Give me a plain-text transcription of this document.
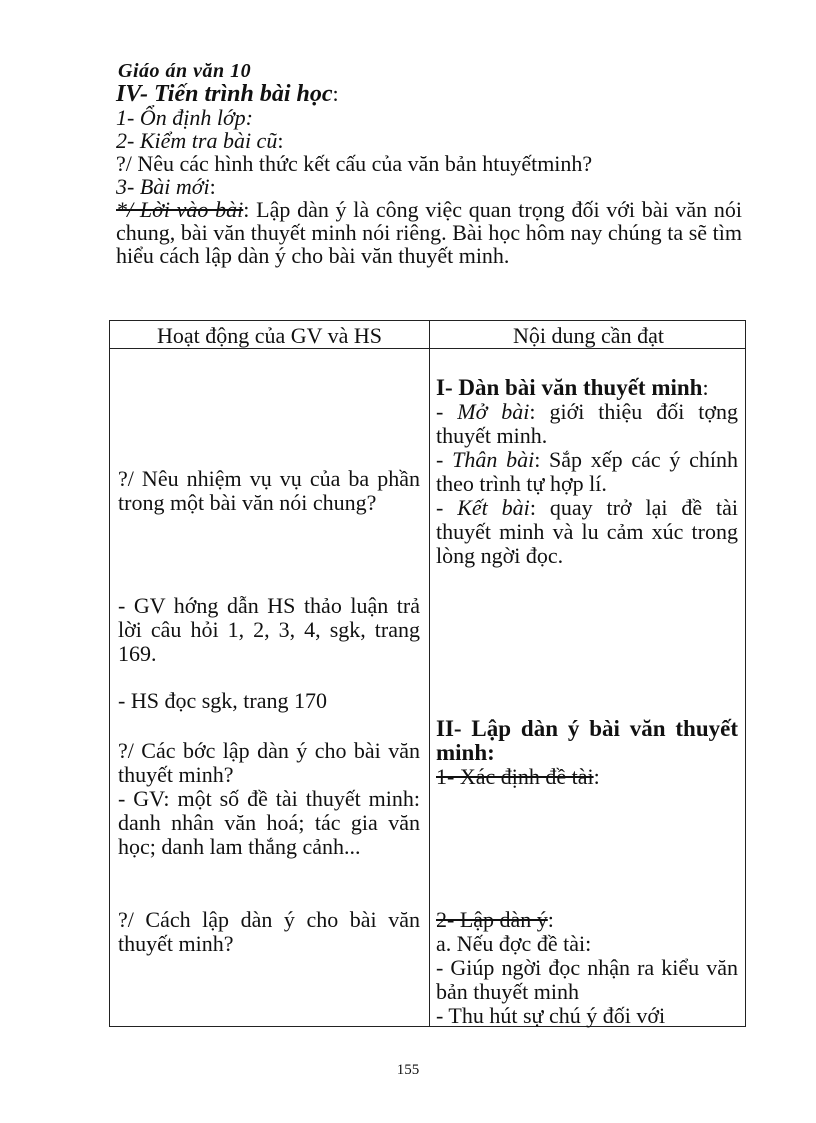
Giáo án văn 10

IV- Tiến trình bài học:

1- Ổn định lớp:

2- Kiểm tra bài cũ:

?/ Nêu các hình thức kết cấu của văn bản htuyếtminh?

3- Bài mới:

*/ Lời vào bài: Lập dàn ý là công việc quan trọng đối với bài văn nói chung, bài văn thuyết minh nói riêng. Bài học hôm nay chúng ta sẽ tìm hiểu cách lập dàn ý cho bài văn thuyết minh.

Hoạt động của GV và HS	Nội dung cần đạt
?/ Nêu nhiệm vụ vụ của ba phần trong một bài văn nói chung?
- GV hớng dẫn HS thảo luận trả lời câu hỏi 1, 2, 3, 4, sgk, trang 169.
- HS đọc sgk, trang 170
?/ Các bớc lập dàn ý cho bài văn thuyết minh?
- GV: một số đề tài thuyết minh: danh nhân văn hoá; tác gia văn học; danh lam thắng cảnh...
?/ Cách lập dàn ý cho bài văn thuyết minh?

I- Dàn bài văn thuyết minh:

- Mở bài: giới thiệu đối tợng thuyết minh.

- Thân bài: Sắp xếp các ý chính theo trình tự hợp lí.

- Kết bài: quay trở lại đề tài thuyết minh và lu cảm xúc trong lòng ngời đọc.

II- Lập dàn ý bài văn thuyết minh:

1- Xác định đề tài:

2- Lập dàn ý:

a. Nếu đợc đề tài:

- Giúp ngời đọc nhận ra kiểu văn bản thuyết minh

- Thu hút sự chú ý đối với

155
